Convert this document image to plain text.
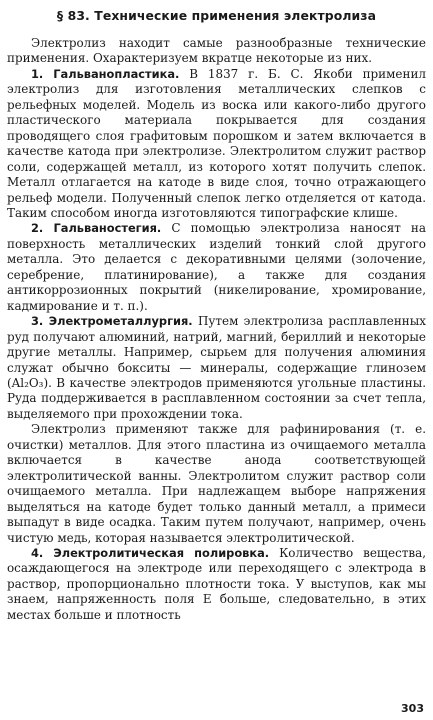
§ 83. Технические применения электролиза

Электролиз находит самые разнообразные технические применения. Охарактеризуем вкратце некоторые из них.

1. Гальванопластика. В 1837 г. Б. С. Якоби применил электролиз для изготовления металлических слепков с рельефных моделей. Модель из воска или какого-либо другого пластического материала покрывается для создания проводящего слоя графитовым порошком и затем включается в качестве катода при электролизе. Электролитом служит раствор соли, содержащей металл, из которого хотят получить слепок. Металл отлагается на катоде в виде слоя, точно отражающего рельеф модели. Полученный слепок легко отделяется от катода. Таким способом иногда изготовляются типографские клише.

2. Гальваностегия. С помощью электролиза наносят на поверхность металлических изделий тонкий слой другого металла. Это делается с декоративными целями (золочение, серебрение, платинирование), а также для создания антикоррозионных покрытий (никелирование, хромирование, кадмирование и т. п.).

3. Электрометаллургия. Путем электролиза расплавленных руд получают алюминий, натрий, магний, бериллий и некоторые другие металлы. Например, сырьем для получения алюминия служат обычно бокситы — минералы, содержащие глинозем (Al₂O₃). В качестве электродов применяются угольные пластины. Руда поддерживается в расплавленном состоянии за счет тепла, выделяемого при прохождении тока.

Электролиз применяют также для рафинирования (т. е. очистки) металлов. Для этого пластина из очищаемого металла включается в качестве анода соответствующей электролитической ванны. Электролитом служит раствор соли очищаемого металла. При надлежащем выборе напряжения выделяться на катоде будет только данный металл, а примеси выпадут в виде осадка. Таким путем получают, например, очень чистую медь, которая называется электролитической.

4. Электролитическая полировка. Количество вещества, осаждающегося на электроде или переходящего с электрода в раствор, пропорционально плотности тока. У выступов, как мы знаем, напряженность поля E больше, следовательно, в этих местах больше и плотность

303
